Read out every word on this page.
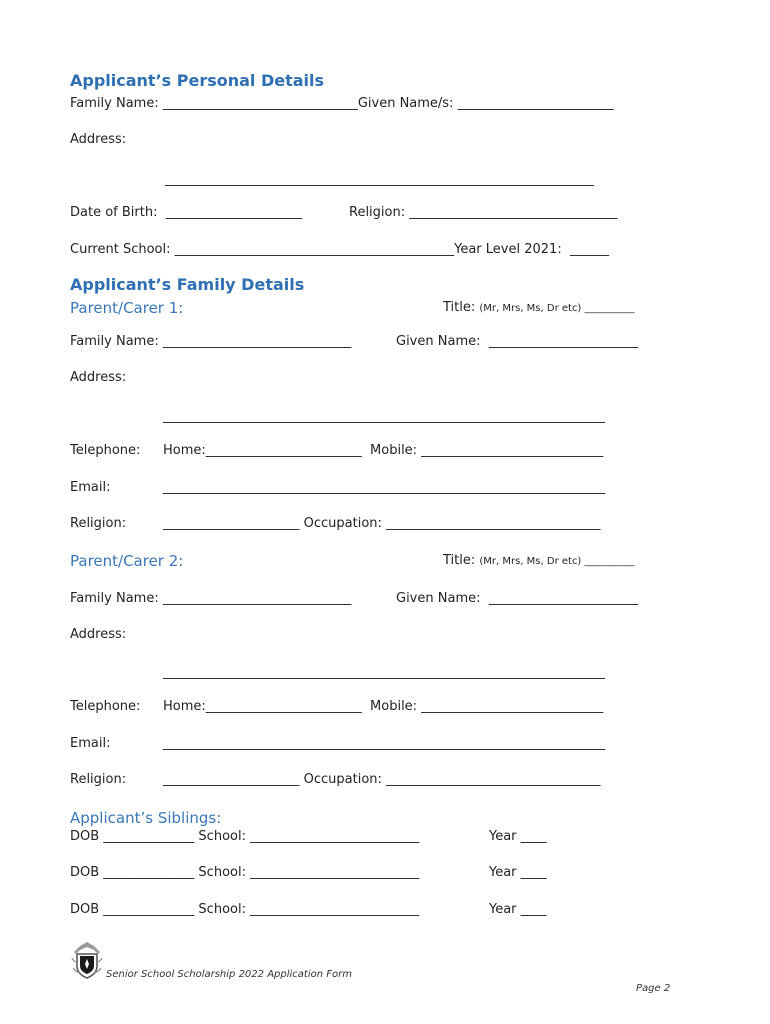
Applicant’s Personal Details
Family Name: ______________________________Given Name/s: ________________________
Address:
__________________________________________________________________
Date of Birth:  _____________________	Religion: ________________________________
Current School: ___________________________________________Year Level 2021:  ______
Applicant’s Family Details
Parent/Carer 1:	Title: (Mr, Mrs, Ms, Dr etc) __________
Family Name: _____________________________	Given Name:  _______________________
Address:
____________________________________________________________________
Telephone: Home:________________________  Mobile: ____________________________
Email:	____________________________________________________________________
Religion:	_____________________ Occupation: _________________________________
Parent/Carer 2:	Title: (Mr, Mrs, Ms, Dr etc) __________
Family Name: _____________________________	Given Name:  _______________________
Address:
____________________________________________________________________
Telephone: Home:________________________  Mobile: ____________________________
Email:	____________________________________________________________________
Religion:	_____________________ Occupation: _________________________________
Applicant’s Siblings:
DOB ______________ School: __________________________	Year ____
DOB ______________ School: __________________________	Year ____
DOB ______________ School: __________________________	Year ____
Senior School Scholarship 2022 Application Form
Page 2
